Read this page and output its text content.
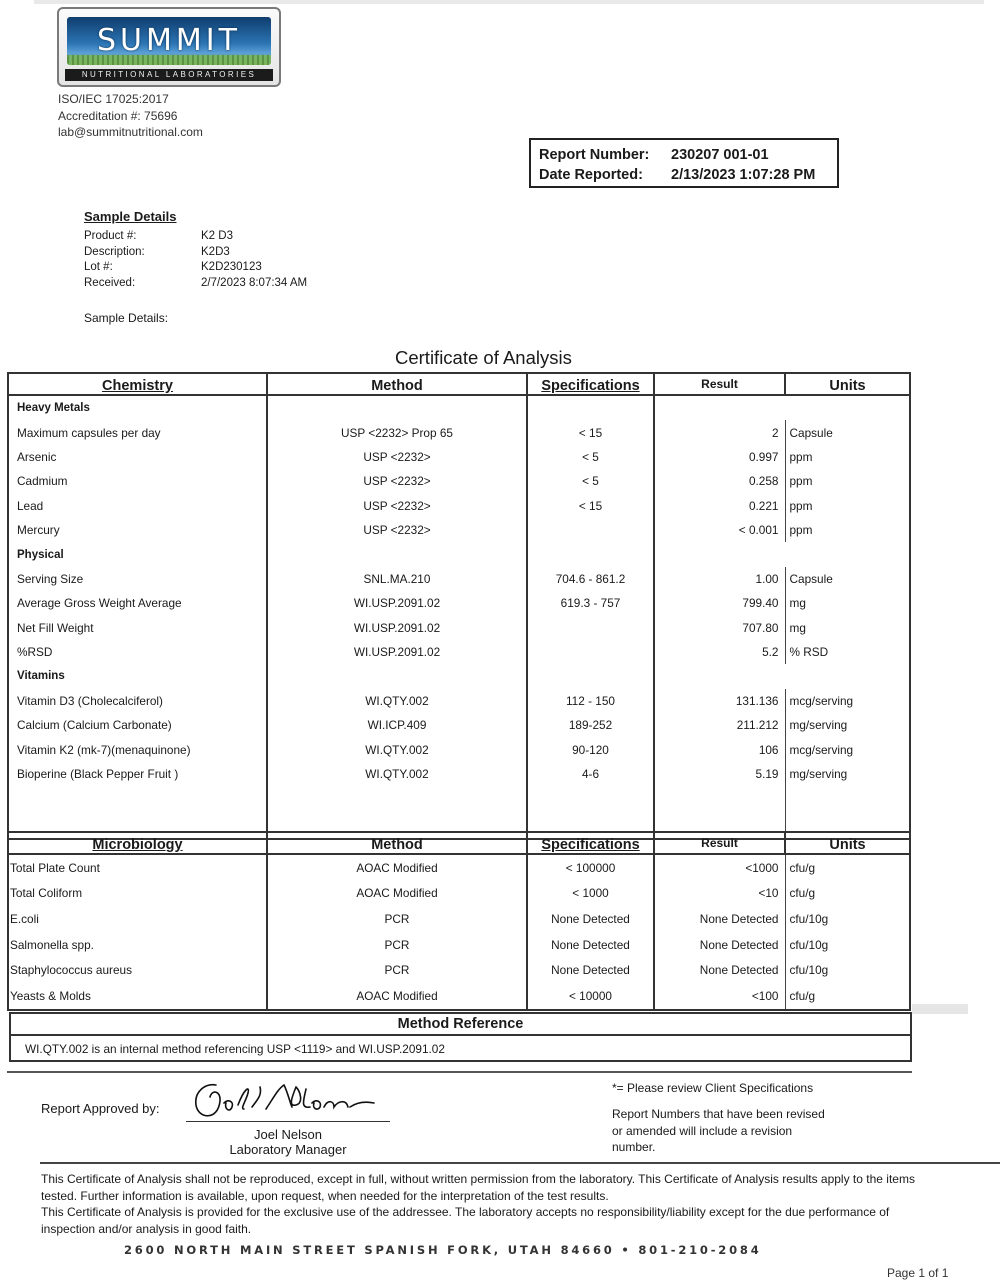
SUMMIT
NUTRITIONAL LABORATORIES
ISO/IEC 17025:2017
Accreditation #: 75696
lab@summitnutritional.com
Report Number: 230207 001-01
Date Reported: 2/13/2023 1:07:28 PM
Sample Details
Product #:	K2 D3
Description:	K2D3
Lot #:	K2D230123
Received:	2/7/2023 8:07:34 AM
Sample Details:
Certificate of Analysis
Chemistry	Method	Specifications	Result	Units
Heavy Metals				
Maximum capsules per day	USP <2232> Prop 65	< 15	2	Capsule
Arsenic	USP <2232>	< 5	0.997	ppm
Cadmium	USP <2232>	< 5	0.258	ppm
Lead	USP <2232>	< 15	0.221	ppm
Mercury	USP <2232>		< 0.001	ppm
Physical				
Serving Size	SNL.MA.210	704.6 - 861.2	1.00	Capsule
Average Gross Weight Average	WI.USP.2091.02	619.3 - 757	799.40	mg
Net Fill Weight	WI.USP.2091.02		707.80	mg
%RSD	WI.USP.2091.02		5.2	% RSD
Vitamins				
Vitamin D3 (Cholecalciferol)	WI.QTY.002	112 - 150	131.136	mcg/serving
Calcium (Calcium Carbonate)	WI.ICP.409	189-252	211.212	mg/serving
Vitamin K2 (mk-7)(menaquinone)	WI.QTY.002	90-120	106	mcg/serving
Bioperine (Black Pepper Fruit )	WI.QTY.002	4-6	5.19	mg/serving

Microbiology	Method	Specifications	Result	Units
Total Plate Count	AOAC Modified	< 100000	<1000	cfu/g
Total Coliform	AOAC Modified	< 1000	<10	cfu/g
E.coli	PCR	None Detected	None Detected	cfu/10g
Salmonella spp.	PCR	None Detected	None Detected	cfu/10g
Staphylococcus aureus	PCR	None Detected	None Detected	cfu/10g
Yeasts & Molds	AOAC Modified	< 10000	<100	cfu/g
Method Reference
WI.QTY.002 is an internal method referencing USP <1119> and WI.USP.2091.02
Report Approved by:
Joel Nelson
Laboratory Manager
*= Please review Client Specifications
Report Numbers that have been revised or amended will include a revision number.
This Certificate of Analysis shall not be reproduced, except in full, without written permission from the laboratory. This Certificate of Analysis results apply to the items tested. Further information is available, upon request, when needed for the interpretation of the test results.
This Certificate of Analysis is provided for the exclusive use of the addressee. The laboratory accepts no responsibility/liability except for the due performance of inspection and/or analysis in good faith.
2600 NORTH MAIN STREET SPANISH FORK, UTAH 84660 • 801-210-2084
Page 1 of 1
